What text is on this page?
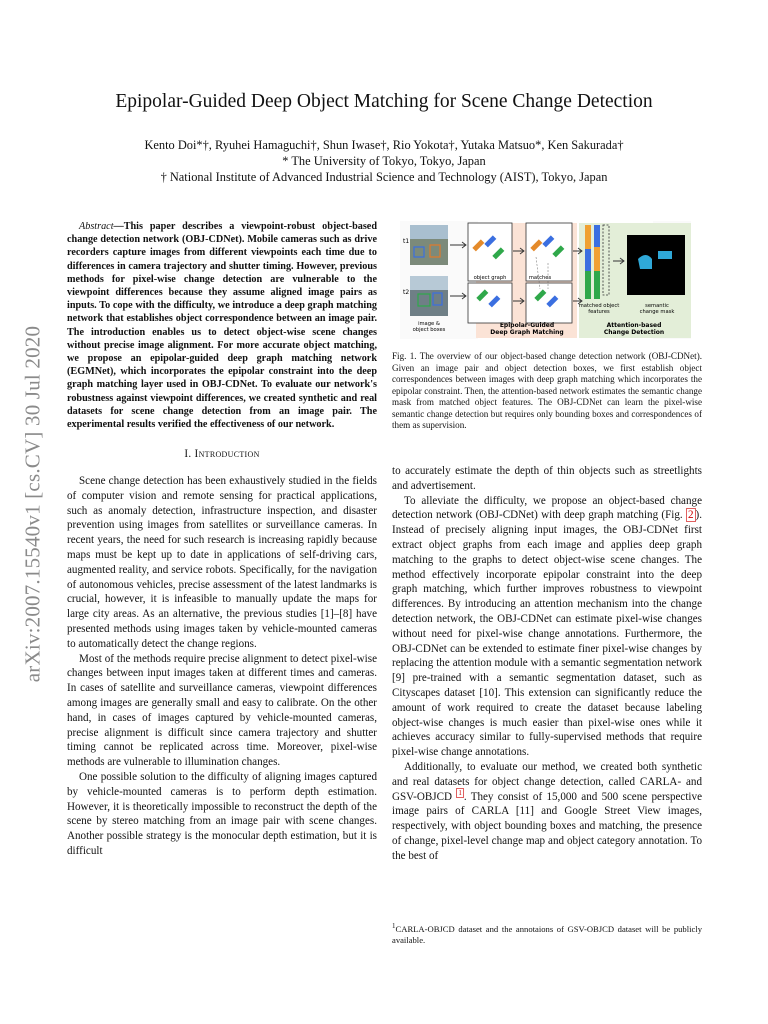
arXiv:2007.15540v1 [cs.CV] 30 Jul 2020
Epipolar-Guided Deep Object Matching for Scene Change Detection
Kento Doi*†, Ryuhei Hamaguchi†, Shun Iwase†, Rio Yokota†, Yutaka Matsuo*, Ken Sakurada†
* The University of Tokyo, Tokyo, Japan
† National Institute of Advanced Industrial Science and Technology (AIST), Tokyo, Japan

Abstract—This paper describes a viewpoint-robust object-based change detection network (OBJ-CDNet). Mobile cameras such as drive recorders capture images from different viewpoints each time due to differences in camera trajectory and shutter timing. However, previous methods for pixel-wise change detection are vulnerable to the viewpoint differences because they assume aligned image pairs as inputs. To cope with the difficulty, we introduce a deep graph matching network that establishes object correspondence between an image pair. The introduction enables us to detect object-wise scene changes without precise image alignment. For more accurate object matching, we propose an epipolar-guided deep graph matching network (EGMNet), which incorporates the epipolar constraint into the deep graph matching layer used in OBJ-CDNet. To evaluate our network's robustness against viewpoint differences, we created synthetic and real datasets for scene change detection from an image pair. The experimental results verified the effectiveness of our network.

I. Introduction

Scene change detection has been exhaustively studied in the fields of computer vision and remote sensing for practical applications, such as anomaly detection, infrastructure inspection, and disaster prevention using images from satellites or surveillance cameras. In recent years, the need for such research is increasing rapidly because maps must be kept up to date in applications of self-driving cars, augmented reality, and service robots. Specifically, for the navigation of autonomous vehicles, precise assessment of the latest landmarks is crucial, however, it is infeasible to manually update the maps for large city areas. As an alternative, the previous studies [1]–[8] have presented methods using images taken by vehicle-mounted cameras to automatically detect the change regions.

Most of the methods require precise alignment to detect pixel-wise changes between input images taken at different times and cameras. In cases of satellite and surveillance cameras, viewpoint differences among images are generally small and easy to calibrate. On the other hand, in cases of images captured by vehicle-mounted cameras, precise alignment is difficult since camera trajectory and shutter timing cannot be replicated across time. Moreover, pixel-wise methods are vulnerable to illumination changes.

One possible solution to the difficulty of aligning images captured by vehicle-mounted cameras is to perform depth estimation. However, it is theoretically impossible to reconstruct the depth of the scene by stereo matching from an image pair with scene changes. Another possible strategy is the monocular depth estimation, but it is difficult

t1
t2
image &
object boxes
object graph	matches
matched object
features
semantic
change mask
Epipolar-Guided
Deep Graph Matching
Attention-based
Change Detection
Fig. 1. The overview of our object-based change detection network (OBJ-CDNet). Given an image pair and object detection boxes, we first establish object correspondences between images with deep graph matching which incorporates the epipolar constraint. Then, the attention-based network estimates the semantic change mask from matched object features. The OBJ-CDNet can learn the pixel-wise semantic change detection but requires only bounding boxes and correspondences of them as supervision.

to accurately estimate the depth of thin objects such as streetlights and advertisement.

To alleviate the difficulty, we propose an object-based change detection network (OBJ-CDNet) with deep graph matching (Fig. 2 ). Instead of precisely aligning input images, the OBJ-CDNet first extract object graphs from each image and applies deep graph matching to the graphs to detect object-wise scene changes. The method effectively incorporate epipolar constraint into the deep graph matching, which further improves robustness to viewpoint differences. By introducing an attention mechanism into the change detection network, the OBJ-CDNet can estimate pixel-wise changes without need for pixel-wise change annotations. Furthermore, the OBJ-CDNet can be extended to estimate finer pixel-wise changes by replacing the attention module with a semantic segmentation network [9] pre-trained with a semantic segmentation dataset, such as Cityscapes dataset [10]. This extension can significantly reduce the amount of work required to create the dataset because labeling object-wise changes is much easier than pixel-wise ones while it achieves accuracy similar to fully-supervised methods that require pixel-wise change annotations.

Additionally, to evaluate our method, we created both synthetic and real datasets for object change detection, called CARLA- and GSV-OBJCD $^1$ . They consist of 15,000 and 500 scene perspective image pairs of CARLA [11] and Google Street View images, respectively, with object bounding boxes and matching, the presence of change, pixel-level change map and object category annotation. To the best of

$^1$CARLA-OBJCD dataset and the annotaions of GSV-OBJCD dataset will be publicly available.
